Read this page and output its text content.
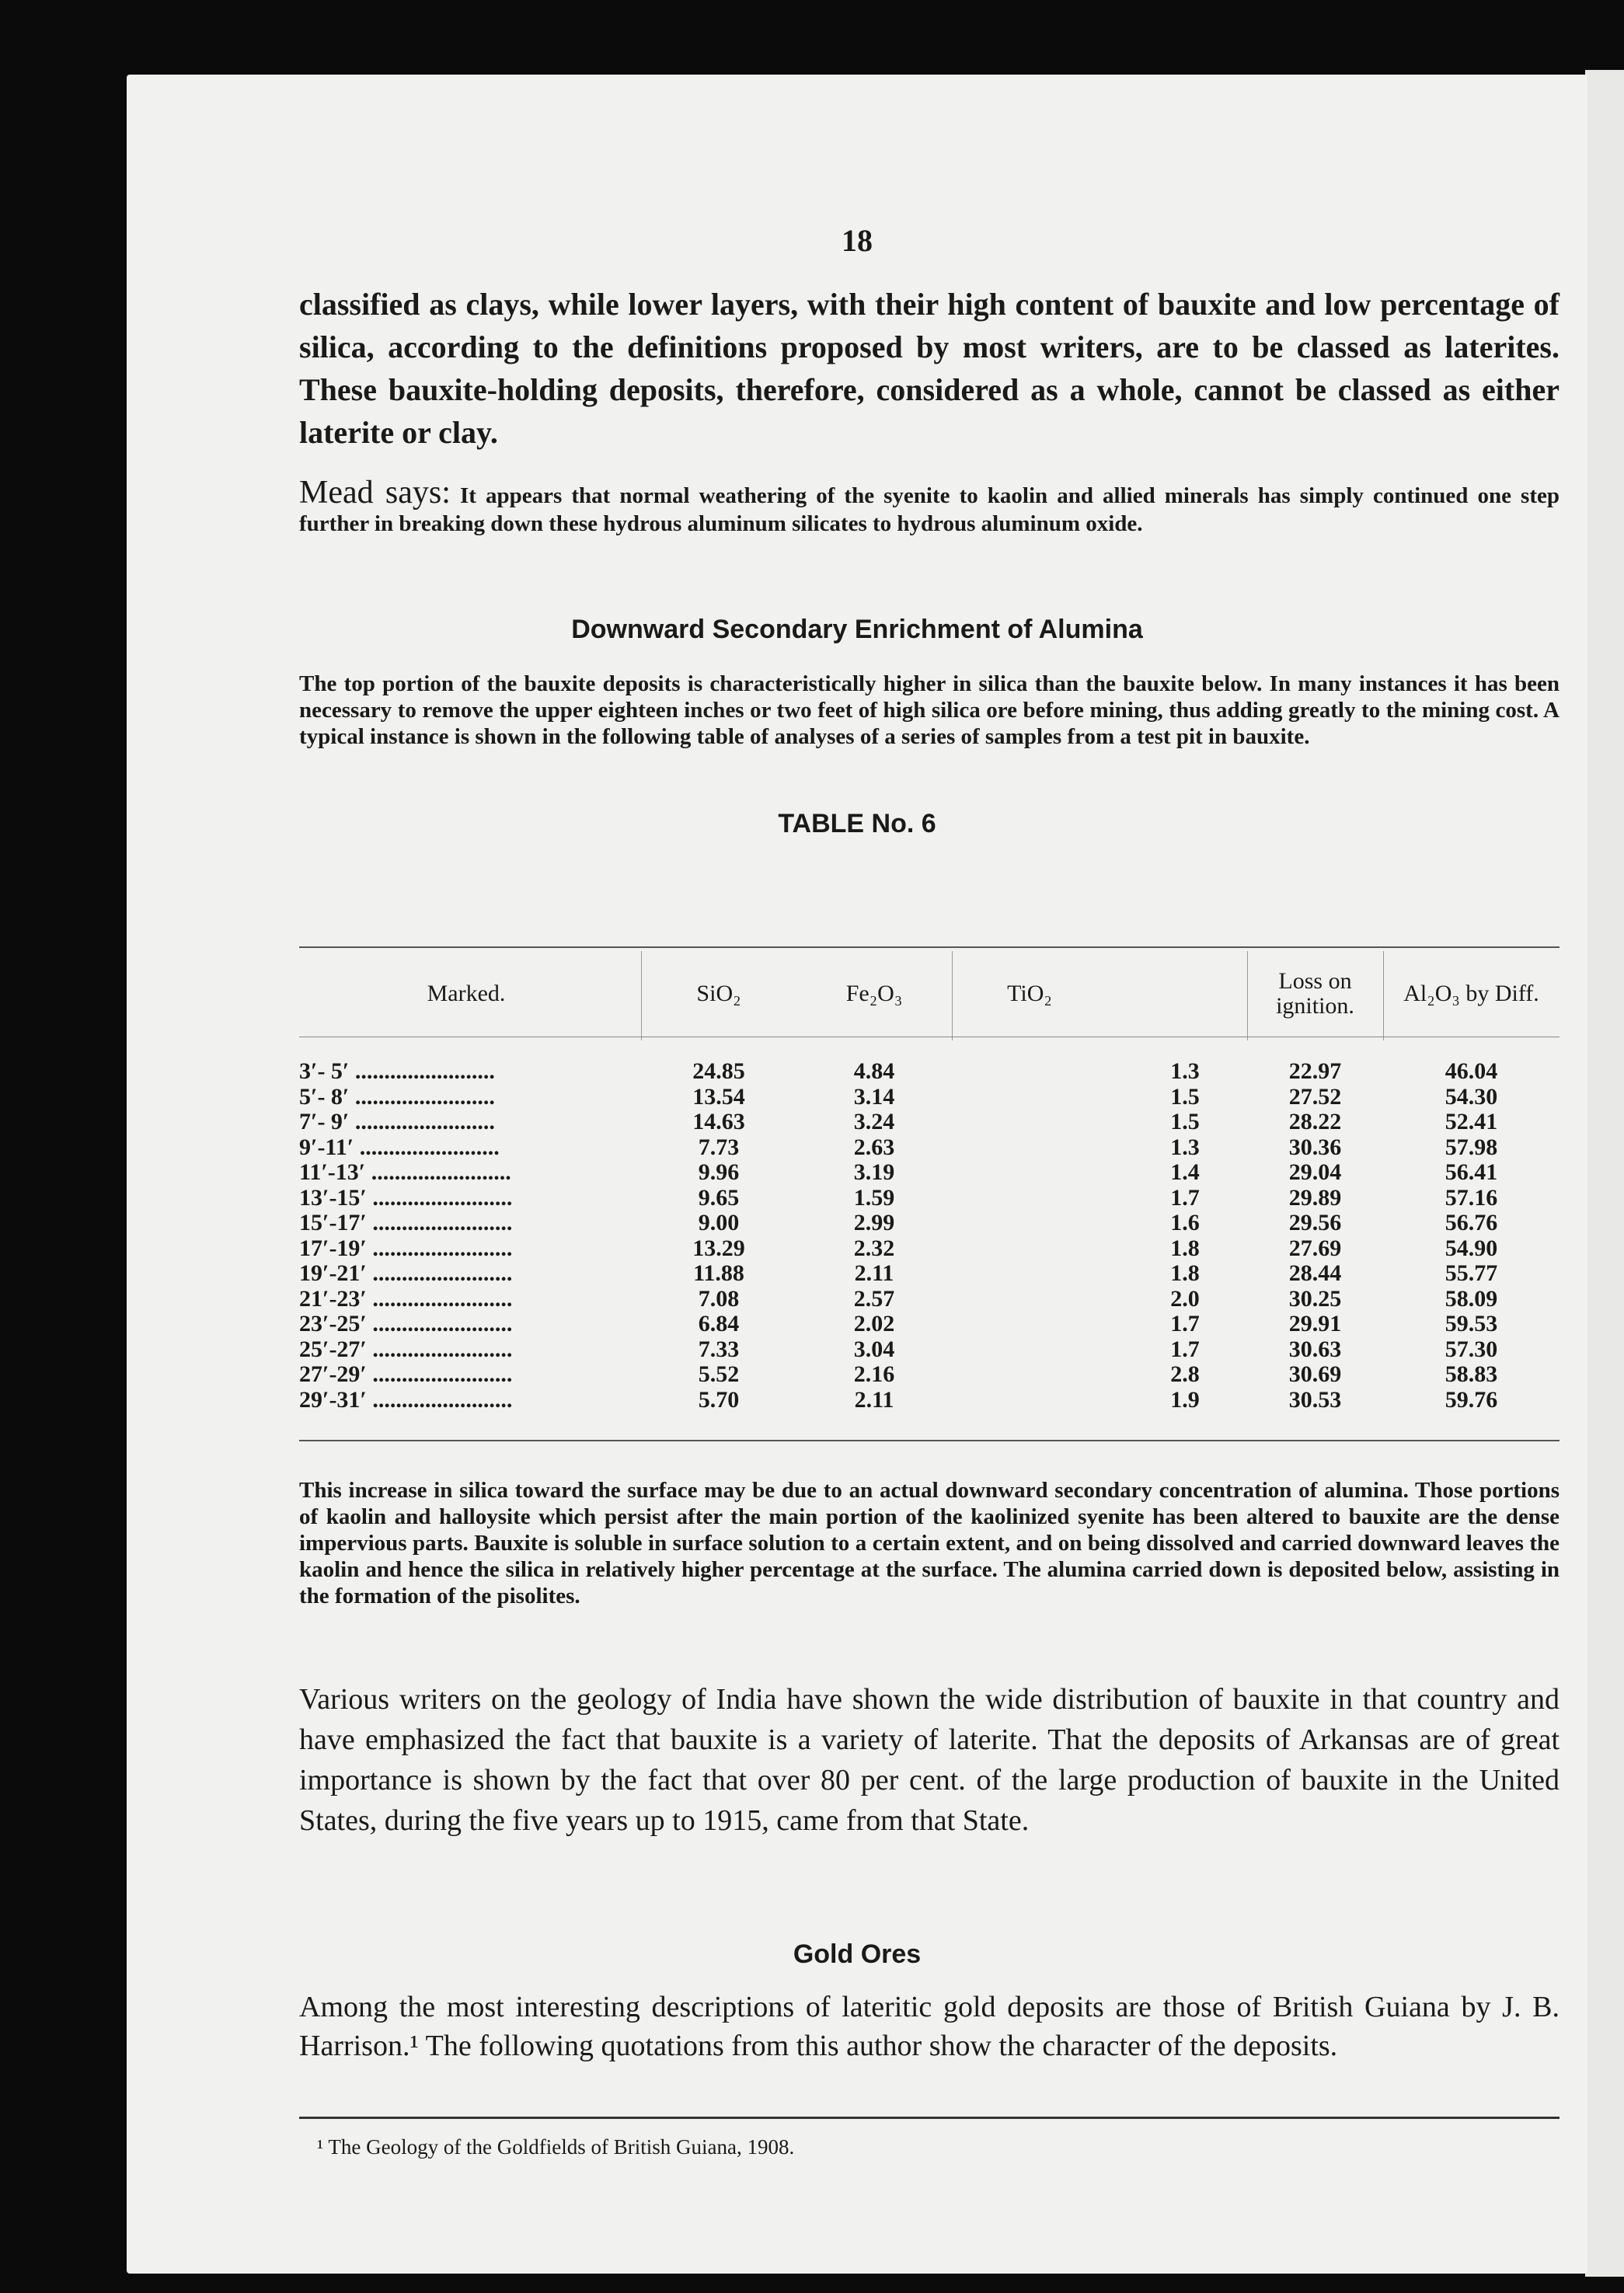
18
classified as clays, while lower layers, with their high content of bauxite and low percentage of silica, according to the definitions proposed by most writers, are to be classed as laterites. These bauxite-holding deposits, therefore, considered as a whole, cannot be classed as either laterite or clay.
Mead says: It appears that normal weathering of the syenite to kaolin and allied minerals has simply continued one step further in breaking down these hydrous aluminum silicates to hydrous aluminum oxide.
Downward Secondary Enrichment of Alumina
The top portion of the bauxite deposits is characteristically higher in silica than the bauxite below. In many instances it has been necessary to remove the upper eighteen inches or two feet of high silica ore before mining, thus adding greatly to the mining cost. A typical instance is shown in the following table of analyses of a series of samples from a test pit in bauxite.
TABLE No. 6
Marked.	SiO₂	Fe₂O₃	TiO₂	Loss on ignition.	Al₂O₃ by Diff.
3′- 5′ ........................	24.85	4.84	1.3	22.97	46.04
5′- 8′ ........................	13.54	3.14	1.5	27.52	54.30
7′- 9′ ........................	14.63	3.24	1.5	28.22	52.41
9′-11′ ........................	7.73	2.63	1.3	30.36	57.98
11′-13′ ........................	9.96	3.19	1.4	29.04	56.41
13′-15′ ........................	9.65	1.59	1.7	29.89	57.16
15′-17′ ........................	9.00	2.99	1.6	29.56	56.76
17′-19′ ........................	13.29	2.32	1.8	27.69	54.90
19′-21′ ........................	11.88	2.11	1.8	28.44	55.77
21′-23′ ........................	7.08	2.57	2.0	30.25	58.09
23′-25′ ........................	6.84	2.02	1.7	29.91	59.53
25′-27′ ........................	7.33	3.04	1.7	30.63	57.30
27′-29′ ........................	5.52	2.16	2.8	30.69	58.83
29′-31′ ........................	5.70	2.11	1.9	30.53	59.76
This increase in silica toward the surface may be due to an actual downward secondary concentration of alumina. Those portions of kaolin and halloysite which persist after the main portion of the kaolinized syenite has been altered to bauxite are the dense impervious parts. Bauxite is soluble in surface solution to a certain extent, and on being dissolved and carried downward leaves the kaolin and hence the silica in relatively higher percentage at the surface. The alumina carried down is deposited below, assisting in the formation of the pisolites.
Various writers on the geology of India have shown the wide distribution of bauxite in that country and have emphasized the fact that bauxite is a variety of laterite. That the deposits of Arkansas are of great importance is shown by the fact that over 80 per cent. of the large production of bauxite in the United States, during the five years up to 1915, came from that State.
Gold Ores
Among the most interesting descriptions of lateritic gold deposits are those of British Guiana by J. B. Harrison.¹ The following quotations from this author show the character of the deposits.
¹ The Geology of the Goldfields of British Guiana, 1908.
